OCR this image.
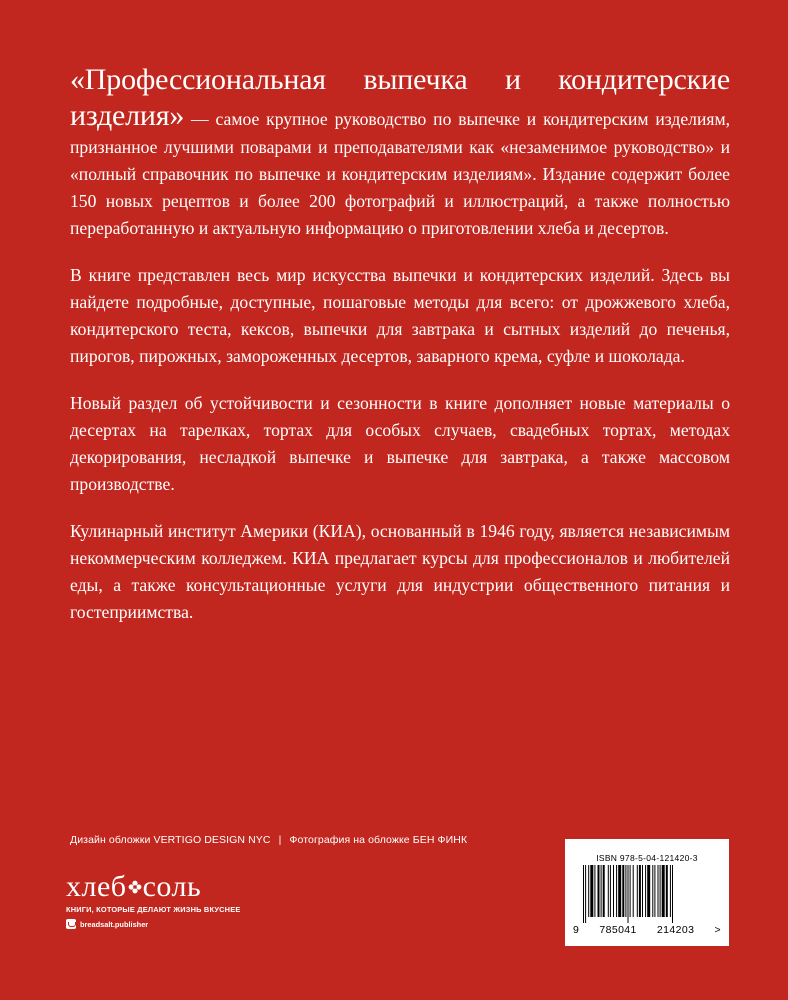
«Профессиональная выпечка и кондитерские изделия» — самое крупное руководство по выпечке и кондитерским изделиям, признанное лучшими поварами и преподавателями как «незаменимое руководство» и «полный справочник по выпечке и кондитерским изделиям». Издание содержит более 150 новых рецептов и более 200 фотографий и иллюстраций, а также полностью переработанную и актуальную информацию о приготовлении хлеба и десертов.

В книге представлен весь мир искусства выпечки и кондитерских изделий. Здесь вы найдете подробные, доступные, пошаговые методы для всего: от дрожжевого хлеба, кондитерского теста, кексов, выпечки для завтрака и сытных изделий до печенья, пирогов, пирожных, замороженных десертов, заварного крема, суфле и шоколада.

Новый раздел об устойчивости и сезонности в книге дополняет новые материалы о десертах на тарелках, тортах для особых случаев, свадебных тортах, методах декорирования, несладкой выпечке и выпечке для завтрака, а также массовом производстве.

Кулинарный институт Америки (КИА), основанный в 1946 году, является независимым некоммерческим колледжем. КИА предлагает курсы для профессионалов и любителей еды, а также консультационные услуги для индустрии общественного питания и гостеприимства.

Дизайн обложки VERTIGO DESIGN NYC | Фотография на обложке БЕН ФИНК
хлеб соль
КНИГИ, КОТОРЫЕ ДЕЛАЮТ ЖИЗНЬ ВКУСНЕЕ
breadsalt.publisher
ISBN 978-5-04-121420-3
9 785041 214203 >
